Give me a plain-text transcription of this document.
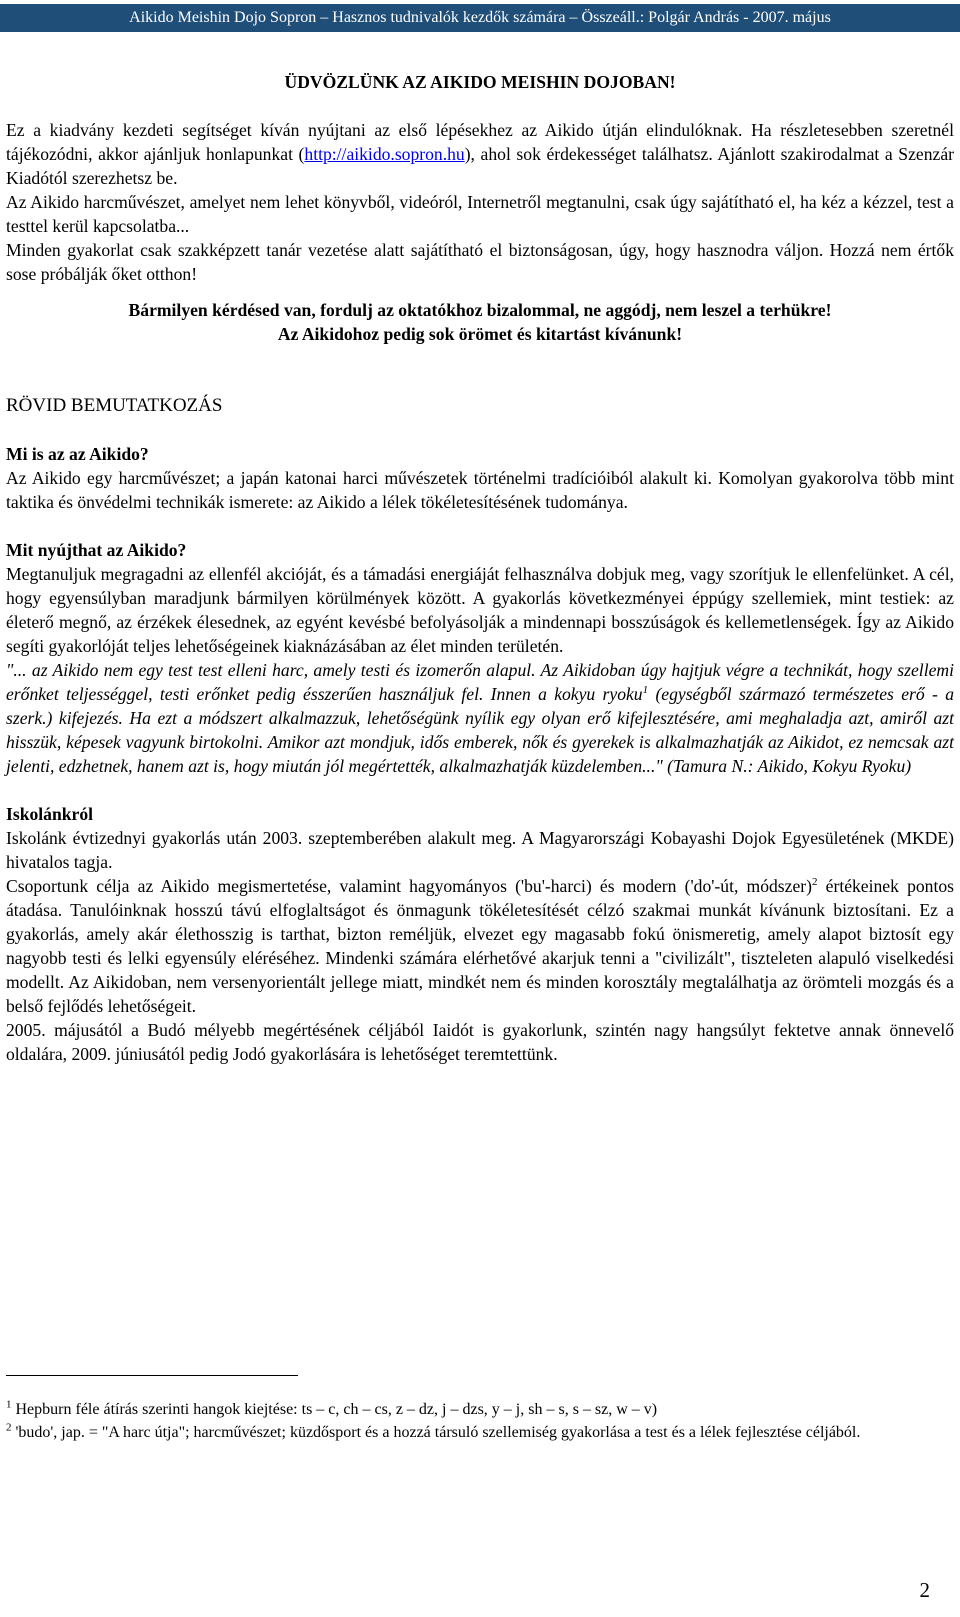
Aikido Meishin Dojo Sopron – Hasznos tudnivalók kezdők számára – Összeáll.: Polgár András - 2007. május

ÜDVÖZLÜNK AZ AIKIDO MEISHIN DOJOBAN!

Ez a kiadvány kezdeti segítséget kíván nyújtani az első lépésekhez az Aikido útján elindulóknak. Ha részletesebben szeretnél tájékozódni, akkor ajánljuk honlapunkat (http://aikido.sopron.hu), ahol sok érdekességet találhatsz. Ajánlott szakirodalmat a Szenzár Kiadótól szerezhetsz be.

Az Aikido harcművészet, amelyet nem lehet könyvből, videóról, Internetről megtanulni, csak úgy sajátítható el, ha kéz a kézzel, test a testtel kerül kapcsolatba...

Minden gyakorlat csak szakképzett tanár vezetése alatt sajátítható el biztonságosan, úgy, hogy hasznodra váljon. Hozzá nem értők sose próbálják őket otthon!

Bármilyen kérdésed van, fordulj az oktatókhoz bizalommal, ne aggódj, nem leszel a terhükre!

Az Aikidohoz pedig sok örömet és kitartást kívánunk!

RÖVID BEMUTATKOZÁS

Mi is az az Aikido?

Az Aikido egy harcművészet; a japán katonai harci művészetek történelmi tradícióiból alakult ki. Komolyan gyakorolva több mint taktika és önvédelmi technikák ismerete: az Aikido a lélek tökéletesítésének tudománya.

Mit nyújthat az Aikido?

Megtanuljuk megragadni az ellenfél akcióját, és a támadási energiáját felhasználva dobjuk meg, vagy szorítjuk le ellenfelünket. A cél, hogy egyensúlyban maradjunk bármilyen körülmények között. A gyakorlás következményei éppúgy szellemiek, mint testiek: az életerő megnő, az érzékek élesednek, az egyént kevésbé befolyásolják a mindennapi bosszúságok és kellemetlenségek. Így az Aikido segíti gyakorlóját teljes lehetőségeinek kiaknázásában az élet minden területén.

"... az Aikido nem egy test test elleni harc, amely testi és izomerőn alapul. Az Aikidoban úgy hajtjuk végre a technikát, hogy szellemi erőnket teljességgel, testi erőnket pedig ésszerűen használjuk fel. Innen a kokyu ryoku$^1$ (egységből származó természetes erő - a szerk.) kifejezés. Ha ezt a módszert alkalmazzuk, lehetőségünk nyílik egy olyan erő kifejlesztésére, ami meghaladja azt, amiről azt hisszük, képesek vagyunk birtokolni. Amikor azt mondjuk, idős emberek, nők és gyerekek is alkalmazhatják az Aikidot, ez nemcsak azt jelenti, edzhetnek, hanem azt is, hogy miután jól megértették, alkalmazhatják küzdelemben..." (Tamura N.: Aikido, Kokyu Ryoku)

Iskolánkról

Iskolánk évtizednyi gyakorlás után 2003. szeptemberében alakult meg. A Magyarországi Kobayashi Dojok Egyesületének (MKDE) hivatalos tagja.

Csoportunk célja az Aikido megismertetése, valamint hagyományos ('bu'-harci) és modern ('do'-út, módszer)$^2$ értékeinek pontos átadása. Tanulóinknak hosszú távú elfoglaltságot és önmagunk tökéletesítését célzó szakmai munkát kívánunk biztosítani. Ez a gyakorlás, amely akár élethosszig is tarthat, bizton reméljük, elvezet egy magasabb fokú önismeretig, amely alapot biztosít egy nagyobb testi és lelki egyensúly eléréséhez. Mindenki számára elérhetővé akarjuk tenni a "civilizált", tiszteleten alapuló viselkedési modellt. Az Aikidoban, nem versenyorientált jellege miatt, mindkét nem és minden korosztály megtalálhatja az örömteli mozgás és a belső fejlődés lehetőségeit.

2005. májusától a Budó mélyebb megértésének céljából Iaidót is gyakorlunk, szintén nagy hangsúlyt fektetve annak önnevelő oldalára, 2009. júniusától pedig Jodó gyakorlására is lehetőséget teremtettünk.

$^1$ Hepburn féle átírás szerinti hangok kiejtése: ts – c, ch – cs, z – dz, j – dzs, y – j, sh – s, s – sz, w – v)

$^2$ 'budo', jap. = "A harc útja"; harcművészet; küzdősport és a hozzá társuló szellemiség gyakorlása a test és a lélek fejlesztése céljából.

2
